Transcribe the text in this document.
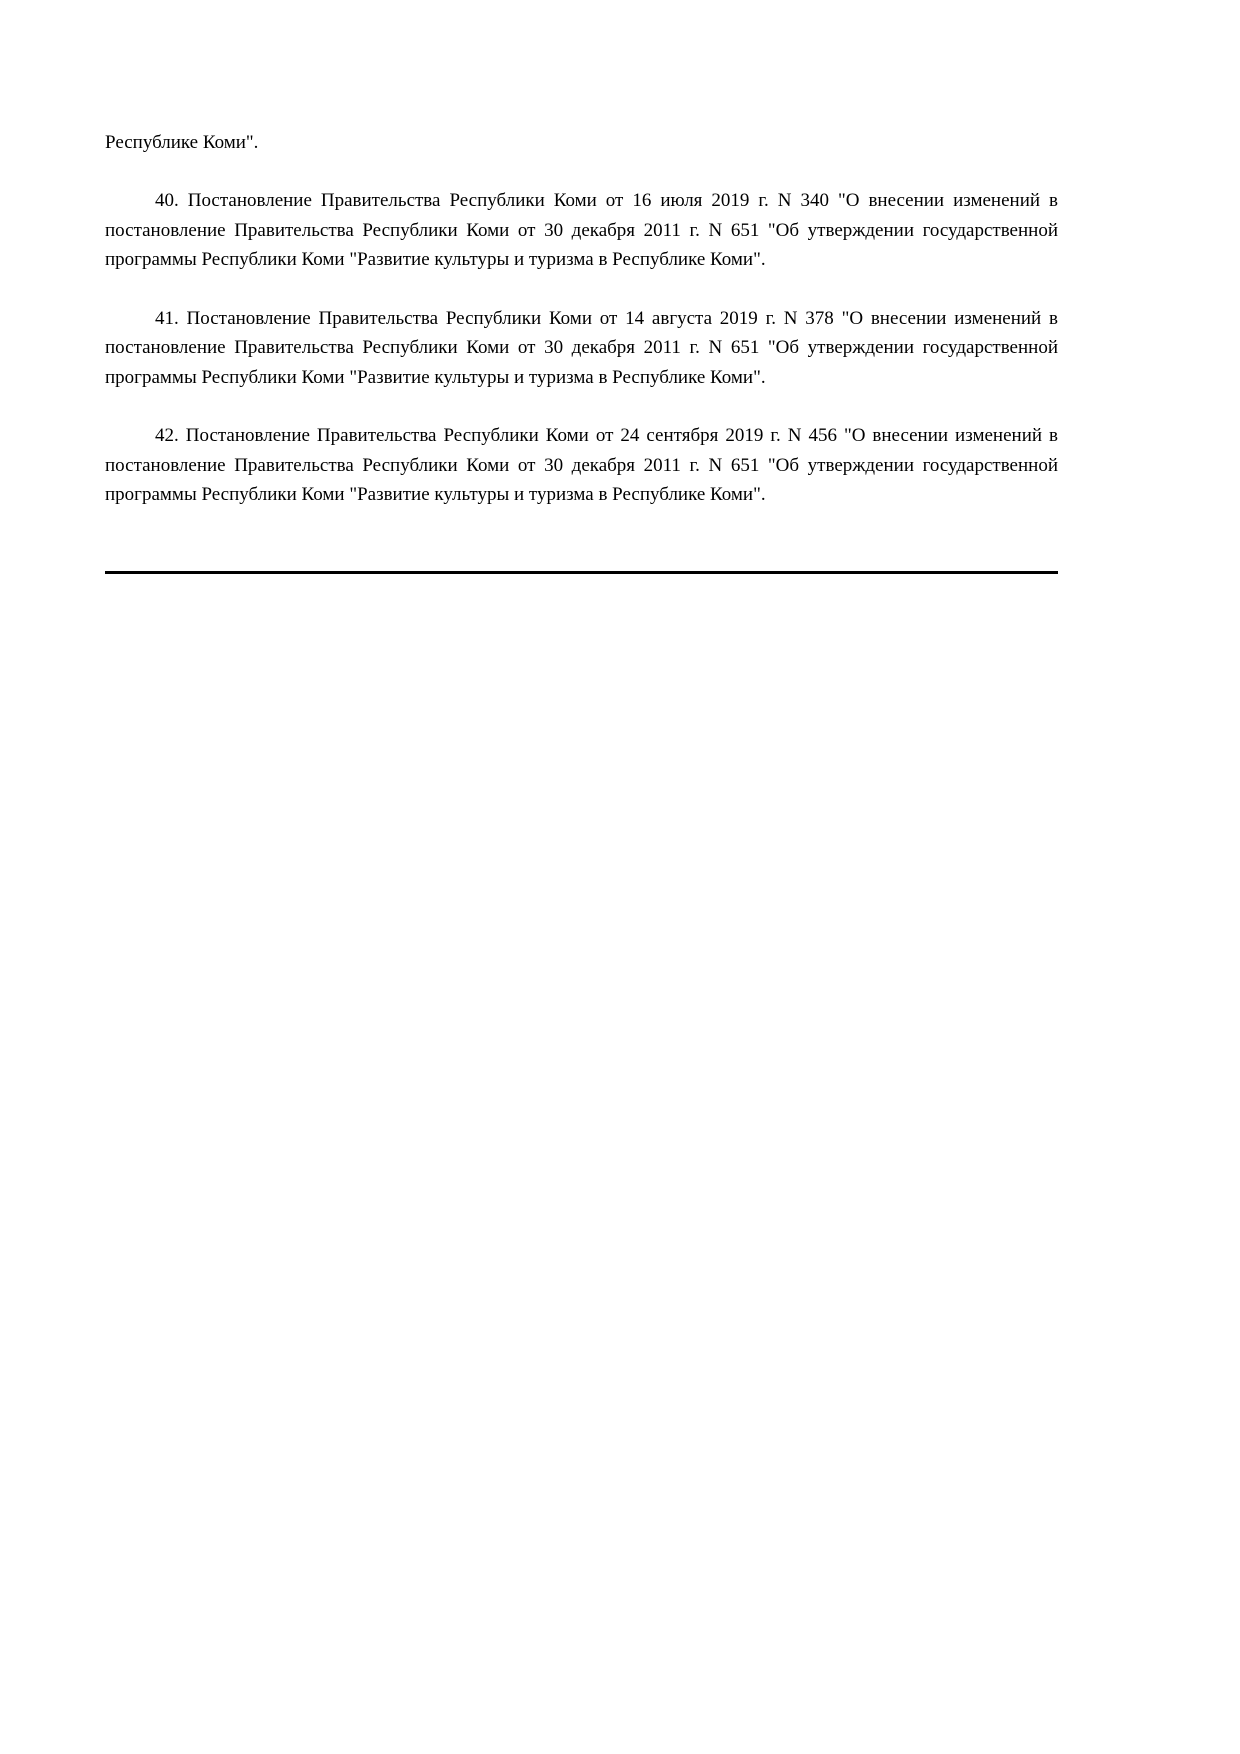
Республике Коми".

40. Постановление Правительства Республики Коми от 16 июля 2019 г. N 340 "О внесении изменений в постановление Правительства Республики Коми от 30 декабря 2011 г. N 651 "Об утверждении государственной программы Республики Коми "Развитие культуры и туризма в Республике Коми".

41. Постановление Правительства Республики Коми от 14 августа 2019 г. N 378 "О внесении изменений в постановление Правительства Республики Коми от 30 декабря 2011 г. N 651 "Об утверждении государственной программы Республики Коми "Развитие культуры и туризма в Республике Коми".

42. Постановление Правительства Республики Коми от 24 сентября 2019 г. N 456 "О внесении изменений в постановление Правительства Республики Коми от 30 декабря 2011 г. N 651 "Об утверждении государственной программы Республики Коми "Развитие культуры и туризма в Республике Коми".
